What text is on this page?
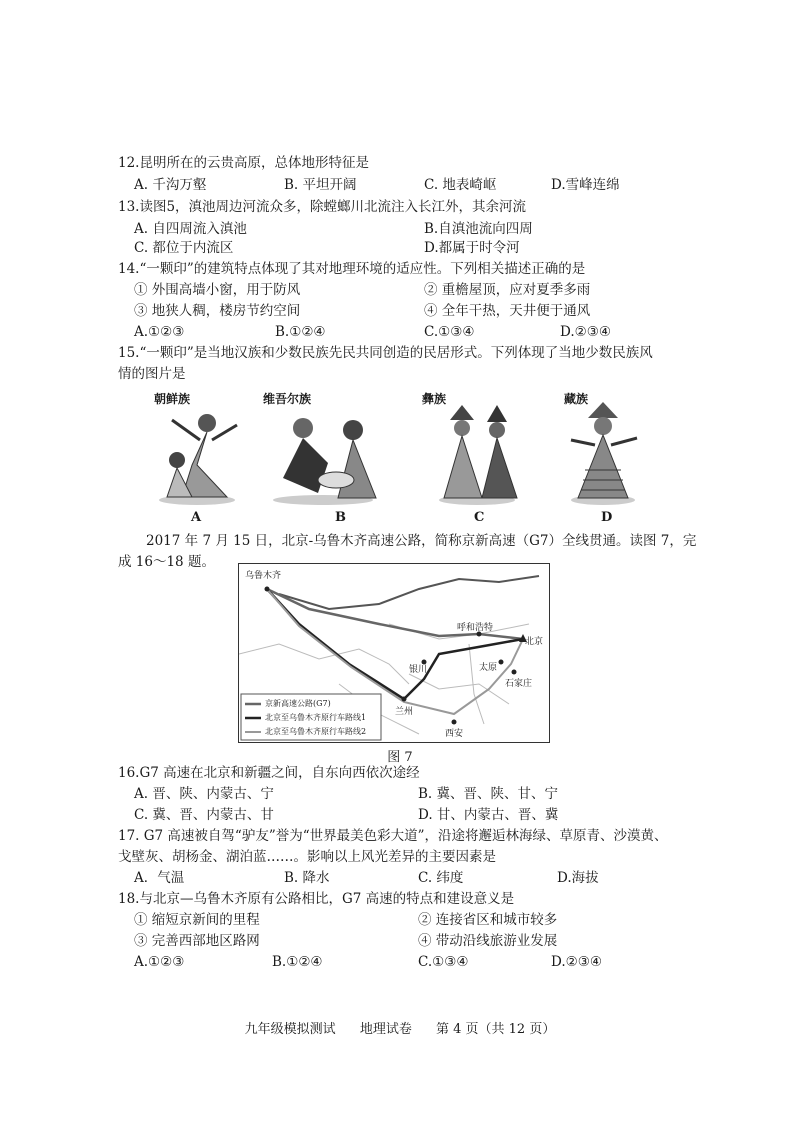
12.昆明所在的云贵高原，总体地形特征是
A. 千沟万壑	B. 平坦开阔	C. 地表崎岖	D.雪峰连绵
13.读图5，滇池周边河流众多，除螳螂川北流注入长江外，其余河流
A. 自四周流入滇池	B.自滇池流向四周
C. 都位于内流区	D.都属于时令河
14.“一颗印”的建筑特点体现了其对地理环境的适应性。下列相关描述正确的是
① 外围高墙小窗，用于防风	② 重檐屋顶，应对夏季多雨
③ 地狭人稠，楼房节约空间	④ 全年干热，天井便于通风
A.①②③	B.①②④	C.①③④	D.②③④
15.“一颗印”是当地汉族和少数民族先民共同创造的民居形式。下列体现了当地少数民族风
情的图片是
朝鲜族	维吾尔族	彝族	藏族
A	B	C	D
2017 年 7 月 15 日，北京-乌鲁木齐高速公路，简称京新高速（G7）全线贯通。读图 7，完
成 16～18 题。
乌鲁木齐
呼和浩特
北京
银川	太原
石家庄
兰州
西安
京新高速公路(G7)
北京至乌鲁木齐原行车路线1
北京至乌鲁木齐原行车路线2
图 7
16.G7 高速在北京和新疆之间，自东向西依次途经
A. 晋、陕、内蒙古、宁	B. 冀、晋、陕、甘、宁
C. 冀、晋、内蒙古、甘	D. 甘、内蒙古、晋、冀
17. G7 高速被自驾“驴友”誉为“世界最美色彩大道”，沿途将邂逅林海绿、草原青、沙漠黄、
戈壁灰、胡杨金、湖泊蓝……。影响以上风光差异的主要因素是
A．气温	B. 降水	C. 纬度	D.海拔
18.与北京—乌鲁木齐原有公路相比，G7 高速的特点和建设意义是
① 缩短京新间的里程	② 连接省区和城市较多
③ 完善西部地区路网	④ 带动沿线旅游业发展
A.①②③	B.①②④	C.①③④	D.②③④
九年级模拟测试 地理试卷 第 4 页（共 12 页）
